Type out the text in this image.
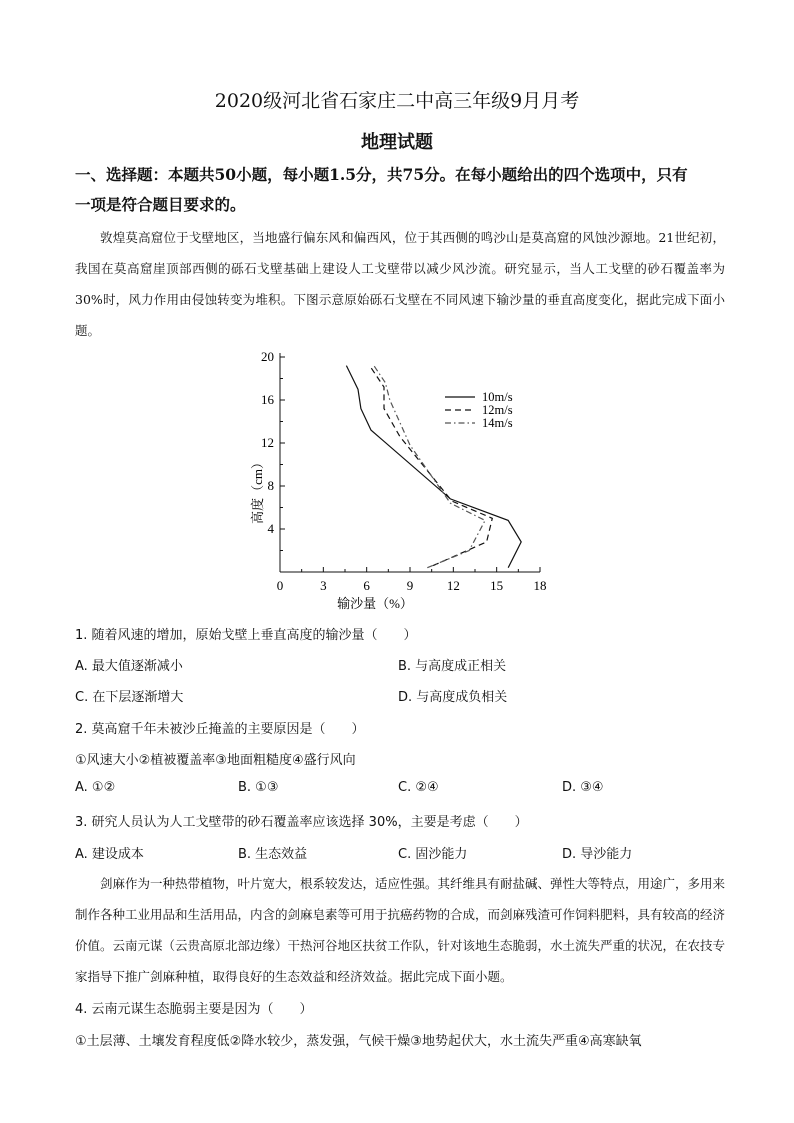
2020级河北省石家庄二中高三年级9月月考
地理试题
一、选择题：本题共50小题，每小题1.5分，共75分。在每小题给出的四个选项中，只有
一项是符合题目要求的。
敦煌莫高窟位于戈壁地区，当地盛行偏东风和偏西风，位于其西侧的鸣沙山是莫高窟的风蚀沙源地。21世纪初，我国在莫高窟崖顶部西侧的砾石戈壁基础上建设人工戈壁带以减少风沙流。研究显示，当人工戈壁的砂石覆盖率为30%时，风力作用由侵蚀转变为堆积。下图示意原始砾石戈壁在不同风速下输沙量的垂直高度变化，据此完成下面小题。
0	3	6	9	12 15 18
4
8
12
16
20
10m/s
12m/s
14m/s
输沙量（%）
高度（cm）
1. 随着风速的增加，原始戈壁上垂直高度的输沙量（　　）
A. 最大值逐渐减小	B. 与高度成正相关
C. 在下层逐渐增大	D. 与高度成负相关
2. 莫高窟千年未被沙丘掩盖的主要原因是（　　）
①风速大小②植被覆盖率③地面粗糙度④盛行风向
A. ①②	B. ①③	C. ②④	D. ③④
3. 研究人员认为人工戈壁带的砂石覆盖率应该选择 30%，主要是考虑（　　）
A. 建设成本	B. 生态效益	C. 固沙能力	D. 导沙能力
剑麻作为一种热带植物，叶片宽大，根系较发达，适应性强。其纤维具有耐盐碱、弹性大等特点，用途广，多用来制作各种工业用品和生活用品，内含的剑麻皂素等可用于抗癌药物的合成，而剑麻残渣可作饲料肥料，具有较高的经济价值。云南元谋（云贵高原北部边缘）干热河谷地区扶贫工作队，针对该地生态脆弱，水土流失严重的状况，在农技专家指导下推广剑麻种植，取得良好的生态效益和经济效益。据此完成下面小题。
4. 云南元谋生态脆弱主要是因为（　　）
①土层薄、土壤发育程度低②降水较少，蒸发强，气候干燥③地势起伏大，水土流失严重④高寒缺氧
